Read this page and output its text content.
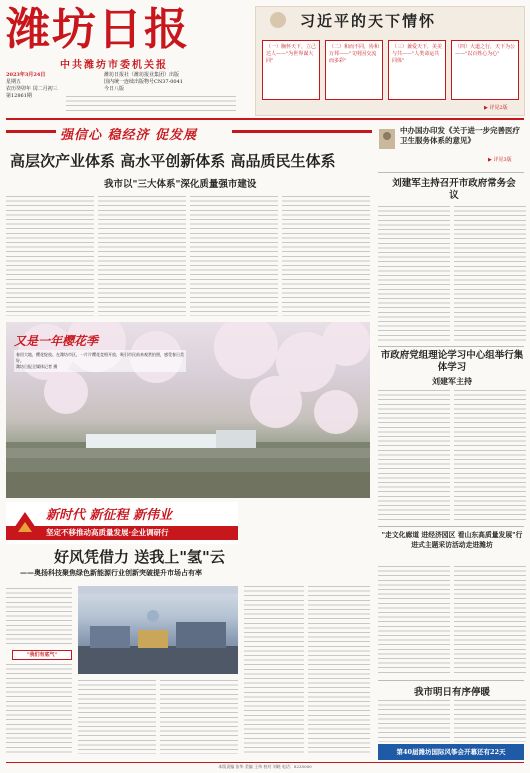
潍坊日报
中共潍坊市委机关报
2023年3月24日
星期五
农历癸卯年 闰二月初三
第12861期
潍坊日报社（潍坊报业集团）出版
国内统一连续出版物号CN37-0041
今日八版
习近平的天下情怀
（一）胸怀天下，立己达人——"为世界谋大同"
（二）和而不同，协和万邦——"文明因交流而多彩"
（三）兼爱天下，美美与共——"人类命运共同体"
（四）大道之行，天下为公——"以百姓心为心"
▶ 详见2版
强信心 稳经济 促发展
高层次产业体系 高水平创新体系 高品质民生体系
我市以"三大体系"深化质量强市建设
又是一年樱花季
春回大地，樱花绽放。在潍坊市区，一片片樱花竞相开放，吸引市民前来观赏拍照，感受春日美好。
潍坊日报全媒体记者 摄
中办国办印发《关于进一步完善医疗卫生服务体系的意见》
▶ 详见3版
刘建军主持召开市政府常务会议
市政府党组理论学习中心组举行集体学习
刘建军主持
新时代 新征程 新伟业
坚定不移推动高质量发展·企业调研行
好风凭借力 送我上"氢"云
——奥扬科技聚焦绿色新能源行业创新突破提升市场占有率
"我们有底气"
"走文化廊道 进经济园区 看山东高质量发展"行进式主题采访活动走进潍坊
我市明日有序停暖
第40届潍坊国际风筝会开幕还有22天
本版责编 张华 美编 王伟 校对 刘晓 电话：8235000
